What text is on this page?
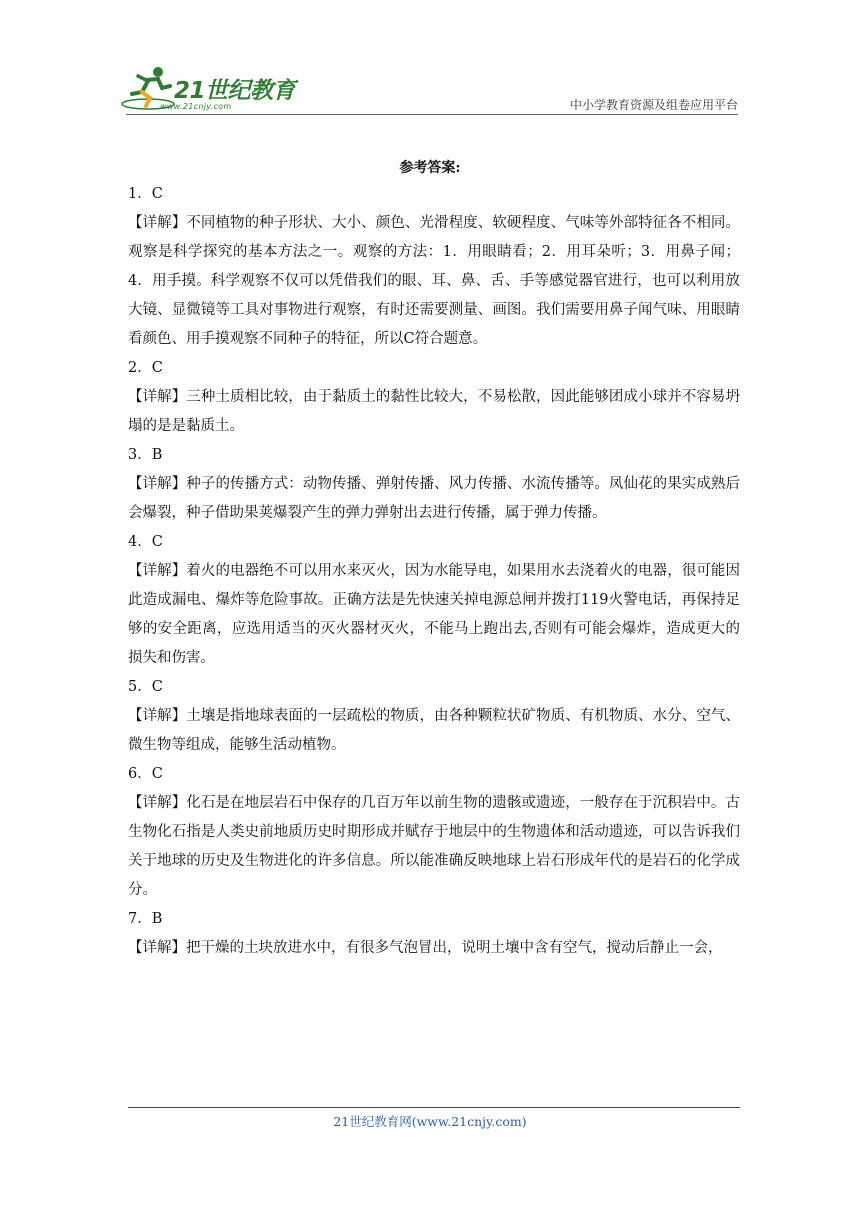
21世纪教育
www.21cnjy.com	中小学教育资源及组卷应用平台
参考答案:

1．C

【详解】不同植物的种子形状、大小、颜色、光滑程度、软硬程度、气味等外部特征各不相同。观察是科学探究的基本方法之一。观察的方法：1．用眼睛看；2．用耳朵听；3．用鼻子闻；4．用手摸。科学观察不仅可以凭借我们的眼、耳、鼻、舌、手等感觉器官进行，也可以利用放大镜、显微镜等工具对事物进行观察，有时还需要测量、画图。我们需要用鼻子闻气味、用眼睛看颜色、用手摸观察不同种子的特征，所以C符合题意。

2．C

【详解】三种土质相比较，由于黏质土的黏性比较大，不易松散，因此能够团成小球并不容易坍塌的是是黏质土。

3．B

【详解】种子的传播方式：动物传播、弹射传播、风力传播、水流传播等。凤仙花的果实成熟后会爆裂，种子借助果荚爆裂产生的弹力弹射出去进行传播，属于弹力传播。

4．C

【详解】着火的电器绝不可以用水来灭火，因为水能导电，如果用水去浇着火的电器，很可能因此造成漏电、爆炸等危险事故。正确方法是先快速关掉电源总闸并拨打119火警电话，再保持足够的安全距离，应选用适当的灭火器材灭火，不能马上跑出去,否则有可能会爆炸，造成更大的损失和伤害。

5．C

【详解】土壤是指地球表面的一层疏松的物质，由各种颗粒状矿物质、有机物质、水分、空气、微生物等组成，能够生活动植物。

6．C

【详解】化石是在地层岩石中保存的几百万年以前生物的遗骸或遗迹，一般存在于沉积岩中。古生物化石指是人类史前地质历史时期形成并赋存于地层中的生物遗体和活动遗迹，可以告诉我们关于地球的历史及生物进化的许多信息。所以能准确反映地球上岩石形成年代的是岩石的化学成分。

7．B

【详解】把干燥的土块放进水中，有很多气泡冒出，说明土壤中含有空气，搅动后静止一会，

21世纪教育网(www.21cnjy.com)
